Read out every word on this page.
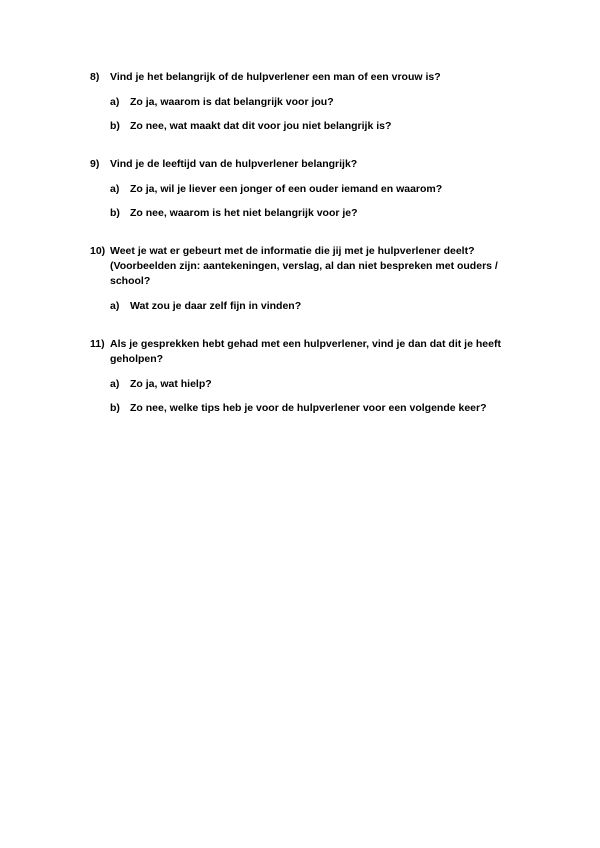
8)	Vind je het belangrijk of de hulpverlener een man of een vrouw is?
a)	Zo ja, waarom is dat belangrijk voor jou?
b) Zo nee, wat maakt dat dit voor jou niet belangrijk is?
9)	Vind je de leeftijd van de hulpverlener belangrijk?
a)	Zo ja, wil je liever een jonger of een ouder iemand en waarom?
b) Zo nee, waarom is het niet belangrijk voor je?
10) Weet je wat er gebeurt met de informatie die jij met je hulpverlener deelt? (Voorbeelden zijn: aantekeningen, verslag, al dan niet bespreken met ouders / school?
a)	Wat zou je daar zelf fijn in vinden?
11) Als je gesprekken hebt gehad met een hulpverlener, vind je dan dat dit je heeft geholpen?
a)	Zo ja, wat hielp?
b) Zo nee, welke tips heb je voor de hulpverlener voor een volgende keer?
